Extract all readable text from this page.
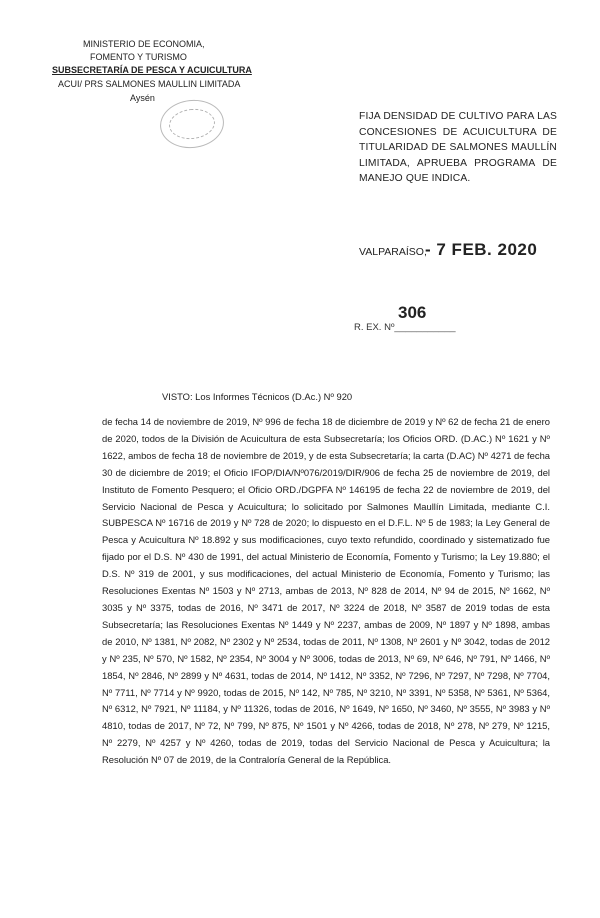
MINISTERIO DE ECONOMIA,
FOMENTO Y TURISMO
SUBSECRETARÍA DE PESCA Y ACUICULTURA
ACUI/ PRS SALMONES MAULLIN LIMITADA
Aysén
FIJA DENSIDAD DE CULTIVO PARA LAS CONCESIONES DE ACUICULTURA DE TITULARIDAD DE SALMONES MAULLÍN LIMITADA, APRUEBA PROGRAMA DE MANEJO QUE INDICA.
VALPARAÍSO,
- 7 FEB. 2020
R. EX. Nº___________
306
VISTO: Los Informes Técnicos (D.Ac.) Nº 920
de fecha 14 de noviembre de 2019, Nº 996 de fecha 18 de diciembre de 2019 y Nº 62 de fecha 21 de enero de 2020, todos de la División de Acuicultura de esta Subsecretaría; los Oficios ORD. (D.AC.) Nº 1621 y Nº 1622, ambos de fecha 18 de noviembre de 2019, y de esta Subsecretaría; la carta (D.AC) Nº 4271 de fecha 30 de diciembre de 2019; el Oficio IFOP/DIA/Nº076/2019/DIR/906 de fecha 25 de noviembre de 2019, del Instituto de Fomento Pesquero; el Oficio ORD./DGPFA Nº 146195 de fecha 22 de noviembre de 2019, del Servicio Nacional de Pesca y Acuicultura; lo solicitado por Salmones Maullín Limitada, mediante C.I. SUBPESCA Nº 16716 de 2019 y Nº 728 de 2020; lo dispuesto en el D.F.L. Nº 5 de 1983; la Ley General de Pesca y Acuicultura Nº 18.892 y sus modificaciones, cuyo texto refundido, coordinado y sistematizado fue fijado por el D.S. Nº 430 de 1991, del actual Ministerio de Economía, Fomento y Turismo; la Ley 19.880; el D.S. Nº 319 de 2001, y sus modificaciones, del actual Ministerio de Economía, Fomento y Turismo; las Resoluciones Exentas Nº 1503 y Nº 2713, ambas de 2013, Nº 828 de 2014, Nº 94 de 2015, Nº 1662, Nº 3035 y Nº 3375, todas de 2016, Nº 3471 de 2017, Nº 3224 de 2018, Nº 3587 de 2019 todas de esta Subsecretaría; las Resoluciones Exentas Nº 1449 y Nº 2237, ambas de 2009, Nº 1897 y Nº 1898, ambas de 2010, Nº 1381, Nº 2082, Nº 2302 y Nº 2534, todas de 2011, Nº 1308, Nº 2601 y Nº 3042, todas de 2012 y Nº 235, Nº 570, Nº 1582, Nº 2354, Nº 3004 y Nº 3006, todas de 2013, Nº 69, Nº 646, Nº 791, Nº 1466, Nº 1854, Nº 2846, Nº 2899 y Nº 4631, todas de 2014, Nº 1412, Nº 3352, Nº 7296, Nº 7297, Nº 7298, Nº 7704, Nº 7711, Nº 7714 y Nº 9920, todas de 2015, Nº 142, Nº 785, Nº 3210, Nº 3391, Nº 5358, Nº 5361, Nº 5364, Nº 6312, Nº 7921, Nº 11184, y Nº 11326, todas de 2016, Nº 1649, Nº 1650, Nº 3460, Nº 3555, Nº 3983 y Nº 4810, todas de 2017, Nº 72, Nº 799, Nº 875, Nº 1501 y Nº 4266, todas de 2018, Nº 278, Nº 279, Nº 1215, Nº 2279, Nº 4257 y Nº 4260, todas de 2019, todas del Servicio Nacional de Pesca y Acuicultura; la Resolución Nº 07 de 2019, de la Contraloría General de la República.
